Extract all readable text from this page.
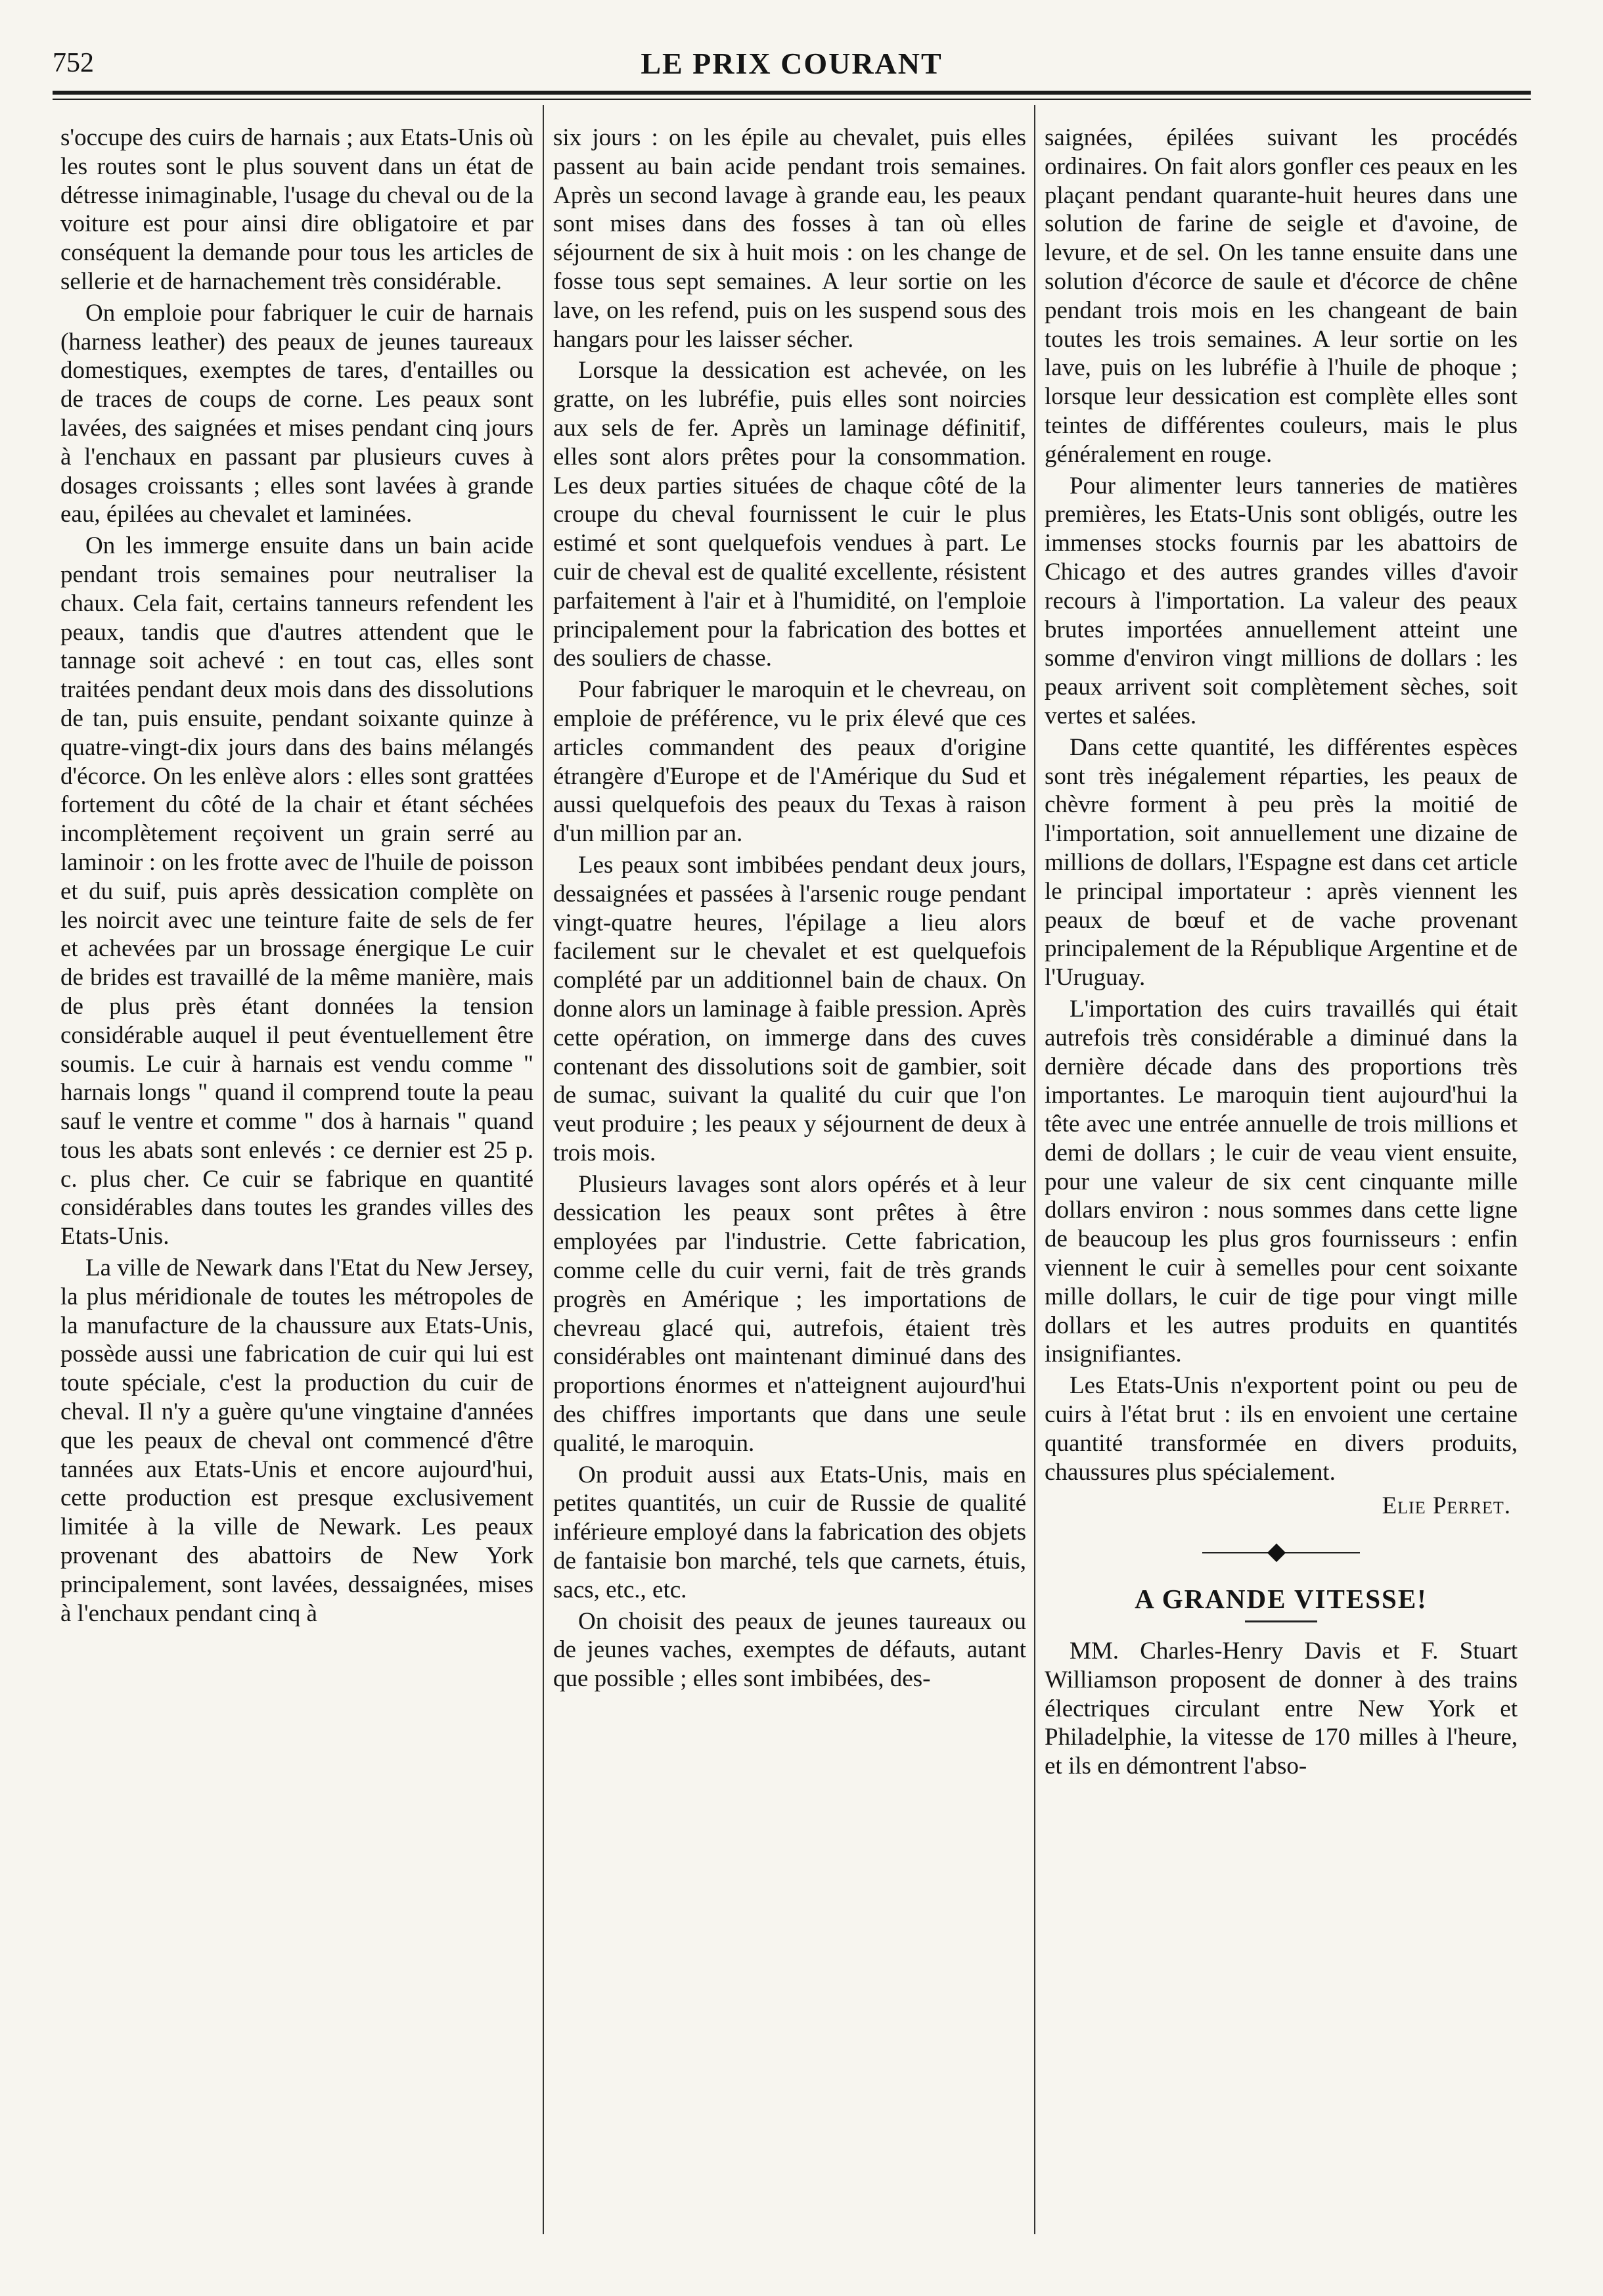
752	LE PRIX COURANT

s'occupe des cuirs de harnais ; aux Etats-Unis où les routes sont le plus souvent dans un état de détresse inimaginable, l'usage du cheval ou de la voiture est pour ainsi dire obligatoire et par conséquent la demande pour tous les articles de sellerie et de harnachement très considérable.

On emploie pour fabriquer le cuir de harnais (harness leather) des peaux de jeunes taureaux domestiques, exemptes de tares, d'entailles ou de traces de coups de corne. Les peaux sont lavées, des saignées et mises pendant cinq jours à l'enchaux en passant par plusieurs cuves à dosages croissants ; elles sont lavées à grande eau, épilées au chevalet et laminées.

On les immerge ensuite dans un bain acide pendant trois semaines pour neutraliser la chaux. Cela fait, certains tanneurs refendent les peaux, tandis que d'autres attendent que le tannage soit achevé : en tout cas, elles sont traitées pendant deux mois dans des dissolutions de tan, puis ensuite, pendant soixante quinze à quatre-vingt-dix jours dans des bains mélangés d'écorce. On les enlève alors : elles sont grattées fortement du côté de la chair et étant séchées incomplètement reçoivent un grain serré au laminoir : on les frotte avec de l'huile de poisson et du suif, puis après dessication complète on les noircit avec une teinture faite de sels de fer et achevées par un brossage énergique Le cuir de brides est travaillé de la même manière, mais de plus près étant données la tension considérable auquel il peut éventuellement être soumis. Le cuir à harnais est vendu comme " harnais longs " quand il comprend toute la peau sauf le ventre et comme " dos à harnais " quand tous les abats sont enlevés : ce dernier est 25 p. c. plus cher. Ce cuir se fabrique en quantité considérables dans toutes les grandes villes des Etats-Unis.

La ville de Newark dans l'Etat du New Jersey, la plus méridionale de toutes les métropoles de la manufacture de la chaussure aux Etats-Unis, possède aussi une fabrication de cuir qui lui est toute spéciale, c'est la production du cuir de cheval. Il n'y a guère qu'une vingtaine d'années que les peaux de cheval ont commencé d'être tannées aux Etats-Unis et encore aujourd'hui, cette production est presque exclusivement limitée à la ville de Newark. Les peaux provenant des abattoirs de New York principalement, sont lavées, dessaignées, mises à l'enchaux pendant cinq à

six jours : on les épile au chevalet, puis elles passent au bain acide pendant trois semaines. Après un second lavage à grande eau, les peaux sont mises dans des fosses à tan où elles séjournent de six à huit mois : on les change de fosse tous sept semaines. A leur sortie on les lave, on les refend, puis on les suspend sous des hangars pour les laisser sécher.

Lorsque la dessication est achevée, on les gratte, on les lubréfie, puis elles sont noircies aux sels de fer. Après un laminage définitif, elles sont alors prêtes pour la consommation. Les deux parties situées de chaque côté de la croupe du cheval fournissent le cuir le plus estimé et sont quelquefois vendues à part. Le cuir de cheval est de qualité excellente, résistent parfaitement à l'air et à l'humidité, on l'emploie principalement pour la fabrication des bottes et des souliers de chasse.

Pour fabriquer le maroquin et le chevreau, on emploie de préférence, vu le prix élevé que ces articles commandent des peaux d'origine étrangère d'Europe et de l'Amérique du Sud et aussi quelquefois des peaux du Texas à raison d'un million par an.

Les peaux sont imbibées pendant deux jours, dessaignées et passées à l'arsenic rouge pendant vingt-quatre heures, l'épilage a lieu alors facilement sur le chevalet et est quelquefois complété par un additionnel bain de chaux. On donne alors un laminage à faible pression. Après cette opération, on immerge dans des cuves contenant des dissolutions soit de gambier, soit de sumac, suivant la qualité du cuir que l'on veut produire ; les peaux y séjournent de deux à trois mois.

Plusieurs lavages sont alors opérés et à leur dessication les peaux sont prêtes à être employées par l'industrie. Cette fabrication, comme celle du cuir verni, fait de très grands progrès en Amérique ; les importations de chevreau glacé qui, autrefois, étaient très considérables ont maintenant diminué dans des proportions énormes et n'atteignent aujourd'hui des chiffres importants que dans une seule qualité, le maroquin.

On produit aussi aux Etats-Unis, mais en petites quantités, un cuir de Russie de qualité inférieure employé dans la fabrication des objets de fantaisie bon marché, tels que carnets, étuis, sacs, etc., etc.

On choisit des peaux de jeunes taureaux ou de jeunes vaches, exemptes de défauts, autant que possible ; elles sont imbibées, des-

saignées, épilées suivant les procédés ordinaires. On fait alors gonfler ces peaux en les plaçant pendant quarante-huit heures dans une solution de farine de seigle et d'avoine, de levure, et de sel. On les tanne ensuite dans une solution d'écorce de saule et d'écorce de chêne pendant trois mois en les changeant de bain toutes les trois semaines. A leur sortie on les lave, puis on les lubréfie à l'huile de phoque ; lorsque leur dessication est complète elles sont teintes de différentes couleurs, mais le plus généralement en rouge.

Pour alimenter leurs tanneries de matières premières, les Etats-Unis sont obligés, outre les immenses stocks fournis par les abattoirs de Chicago et des autres grandes villes d'avoir recours à l'importation. La valeur des peaux brutes importées annuellement atteint une somme d'environ vingt millions de dollars : les peaux arrivent soit complètement sèches, soit vertes et salées.

Dans cette quantité, les différentes espèces sont très inégalement réparties, les peaux de chèvre forment à peu près la moitié de l'importation, soit annuellement une dizaine de millions de dollars, l'Espagne est dans cet article le principal importateur : après viennent les peaux de bœuf et de vache provenant principalement de la République Argentine et de l'Uruguay.

L'importation des cuirs travaillés qui était autrefois très considérable a diminué dans la dernière décade dans des proportions très importantes. Le maroquin tient aujourd'hui la tête avec une entrée annuelle de trois millions et demi de dollars ; le cuir de veau vient ensuite, pour une valeur de six cent cinquante mille dollars environ : nous sommes dans cette ligne de beaucoup les plus gros fournisseurs : enfin viennent le cuir à semelles pour cent soixante mille dollars, le cuir de tige pour vingt mille dollars et les autres produits en quantités insignifiantes.

Les Etats-Unis n'exportent point ou peu de cuirs à l'état brut : ils en envoient une certaine quantité transformée en divers produits, chaussures plus spécialement.

Elie Perret.
A GRANDE VITESSE!

MM. Charles-Henry Davis et F. Stuart Williamson proposent de donner à des trains électriques circulant entre New York et Philadelphie, la vitesse de 170 milles à l'heure, et ils en démontrent l'abso-
